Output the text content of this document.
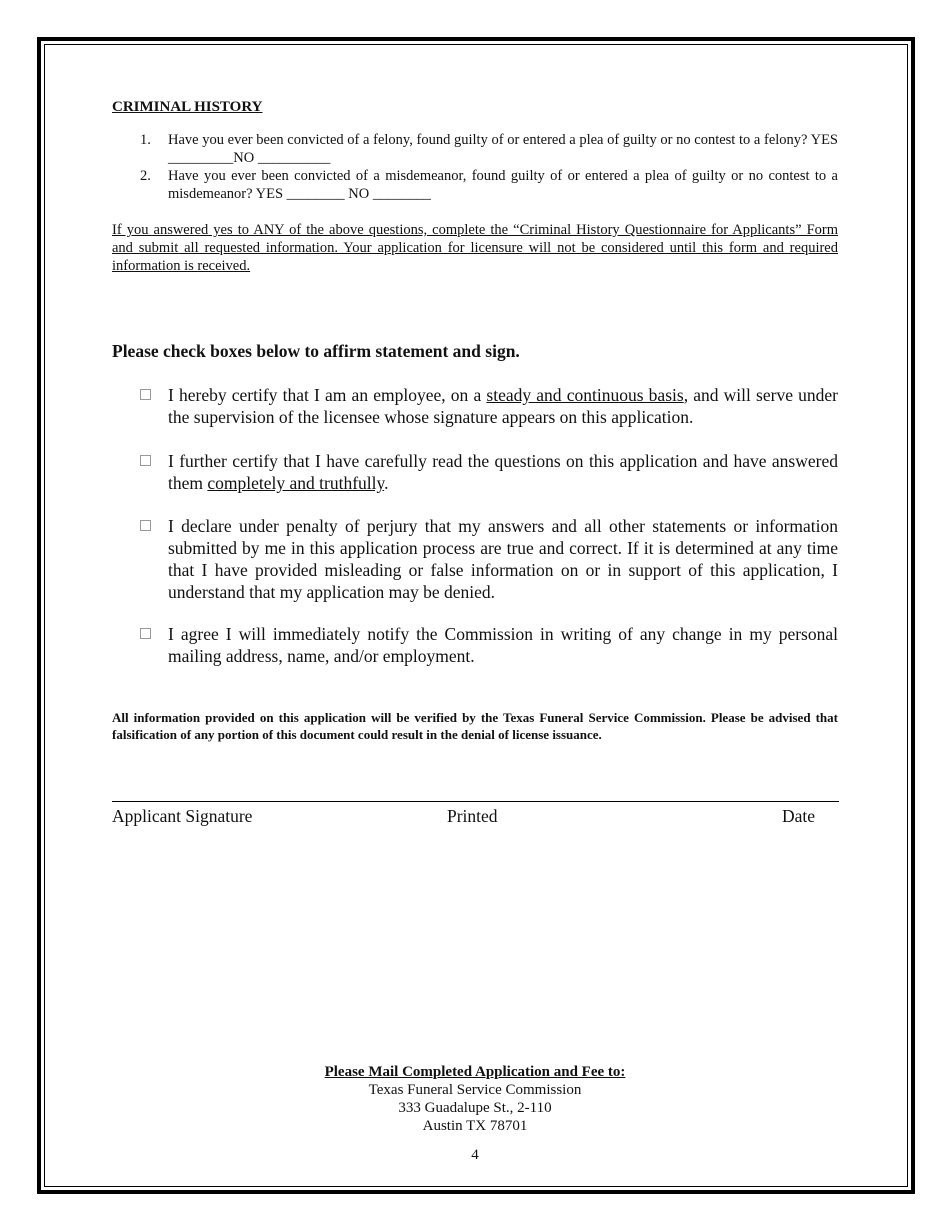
CRIMINAL HISTORY

1. Have you ever been convicted of a felony, found guilty of or entered a plea of guilty or no contest to a felony? YES _________NO __________

2. Have you ever been convicted of a misdemeanor, found guilty of or entered a plea of guilty or no contest to a misdemeanor? YES ________ NO ________

If you answered yes to ANY of the above questions, complete the “Criminal History Questionnaire for Applicants” Form and submit all requested information. Your application for licensure will not be considered until this form and required information is received.
Please check boxes below to affirm statement and sign.
I hereby certify that I am an employee, on a steady and continuous basis, and will serve under the supervision of the licensee whose signature appears on this application.
I further certify that I have carefully read the questions on this application and have answered them completely and truthfully.
I declare under penalty of perjury that my answers and all other statements or information submitted by me in this application process are true and correct. If it is determined at any time that I have provided misleading or false information on or in support of this application, I understand that my application may be denied.
I agree I will immediately notify the Commission in writing of any change in my personal mailing address, name, and/or employment.
All information provided on this application will be verified by the Texas Funeral Service Commission. Please be advised that falsification of any portion of this document could result in the denial of license issuance.
Applicant Signature	Printed	Date
Please Mail Completed Application and Fee to:
Texas Funeral Service Commission
333 Guadalupe St., 2-110
Austin TX 78701
4
